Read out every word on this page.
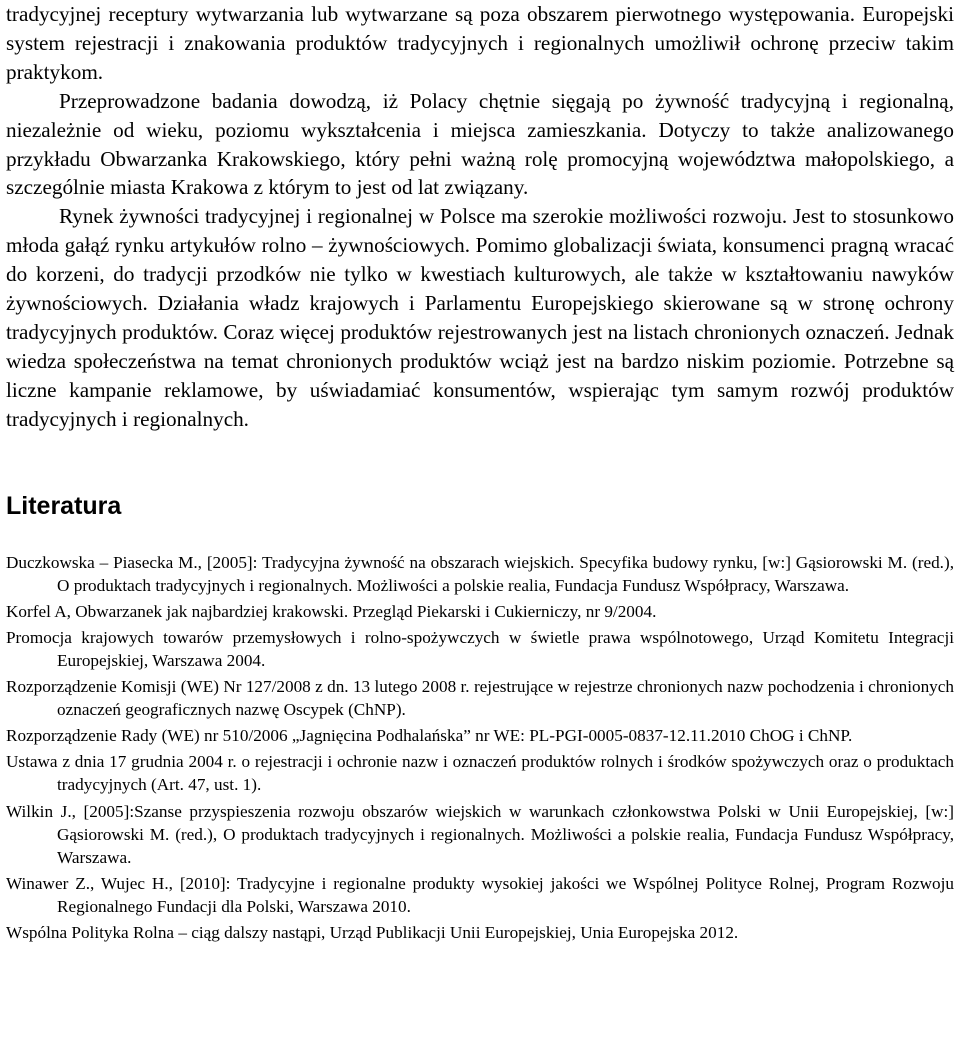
tradycyjnej receptury wytwarzania lub wytwarzane są poza obszarem pierwotnego występowania. Europejski system rejestracji i znakowania produktów tradycyjnych i regionalnych umożliwił ochronę przeciw takim praktykom.

Przeprowadzone badania dowodzą, iż Polacy chętnie sięgają po żywność tradycyjną i regionalną, niezależnie od wieku, poziomu wykształcenia i miejsca zamieszkania. Dotyczy to także analizowanego przykładu Obwarzanka Krakowskiego, który pełni ważną rolę promocyjną województwa małopolskiego, a szczególnie miasta Krakowa z którym to jest od lat związany.

Rynek żywności tradycyjnej i regionalnej w Polsce ma szerokie możliwości rozwoju. Jest to stosunkowo młoda gałąź rynku artykułów rolno – żywnościowych. Pomimo globalizacji świata, konsumenci pragną wracać do korzeni, do tradycji przodków nie tylko w kwestiach kulturowych, ale także w kształtowaniu nawyków żywnościowych. Działania władz krajowych i Parlamentu Europejskiego skierowane są w stronę ochrony tradycyjnych produktów. Coraz więcej produktów rejestrowanych jest na listach chronionych oznaczeń. Jednak wiedza społeczeństwa na temat chronionych produktów wciąż jest na bardzo niskim poziomie. Potrzebne są liczne kampanie reklamowe, by uświadamiać konsumentów, wspierając tym samym rozwój produktów tradycyjnych i regionalnych.

Literatura

Duczkowska – Piasecka M., [2005]: Tradycyjna żywność na obszarach wiejskich. Specyfika budowy rynku, [w:] Gąsiorowski M. (red.), O produktach tradycyjnych i regionalnych. Możliwości a polskie realia, Fundacja Fundusz Współpracy, Warszawa.

Korfel A, Obwarzanek jak najbardziej krakowski. Przegląd Piekarski i Cukierniczy, nr 9/2004.

Promocja krajowych towarów przemysłowych i rolno-spożywczych w świetle prawa wspólnotowego, Urząd Komitetu Integracji Europejskiej, Warszawa 2004.

Rozporządzenie Komisji (WE) Nr 127/2008 z dn. 13 lutego 2008 r. rejestrujące w rejestrze chronionych nazw pochodzenia i chronionych oznaczeń geograficznych nazwę Oscypek (ChNP).

Rozporządzenie Rady (WE) nr 510/2006 „Jagnięcina Podhalańska” nr WE: PL-PGI-0005-0837-12.11.2010 ChOG i ChNP.

Ustawa z dnia 17 grudnia 2004 r. o rejestracji i ochronie nazw i oznaczeń produktów rolnych i środków spożywczych oraz o produktach tradycyjnych (Art. 47, ust. 1).

Wilkin J., [2005]:Szanse przyspieszenia rozwoju obszarów wiejskich w warunkach członkowstwa Polski w Unii Europejskiej, [w:] Gąsiorowski M. (red.), O produktach tradycyjnych i regionalnych. Możliwości a polskie realia, Fundacja Fundusz Współpracy, Warszawa.

Winawer Z., Wujec H., [2010]: Tradycyjne i regionalne produkty wysokiej jakości we Wspólnej Polityce Rolnej, Program Rozwoju Regionalnego Fundacji dla Polski, Warszawa 2010.

Wspólna Polityka Rolna – ciąg dalszy nastąpi, Urząd Publikacji Unii Europejskiej, Unia Europejska 2012.
